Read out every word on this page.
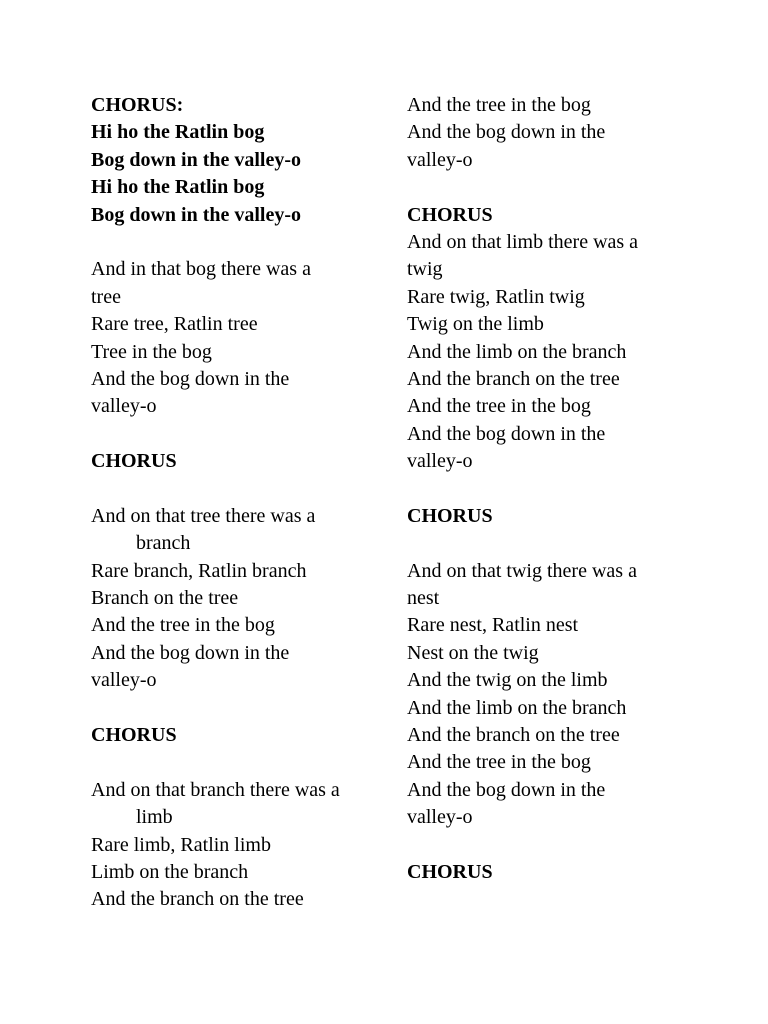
CHORUS:
Hi ho the Ratlin bog
Bog down in the valley-o
Hi ho the Ratlin bog
Bog down in the valley-o
And in that bog there was a
tree
Rare tree, Ratlin tree
Tree in the bog
And the bog down in the
valley-o
CHORUS
And on that tree there was a
branch
Rare branch, Ratlin branch
Branch on the tree
And the tree in the bog
And the bog down in the
valley-o
CHORUS
And on that branch there was a
limb
Rare limb, Ratlin limb
Limb on the branch
And the branch on the tree
And the tree in the bog
And the bog down in the
valley-o
CHORUS
And on that limb there was a
twig
Rare twig, Ratlin twig
Twig on the limb
And the limb on the branch
And the branch on the tree
And the tree in the bog
And the bog down in the
valley-o
CHORUS
And on that twig there was a
nest
Rare nest, Ratlin nest
Nest on the twig
And the twig on the limb
And the limb on the branch
And the branch on the tree
And the tree in the bog
And the bog down in the
valley-o
CHORUS
